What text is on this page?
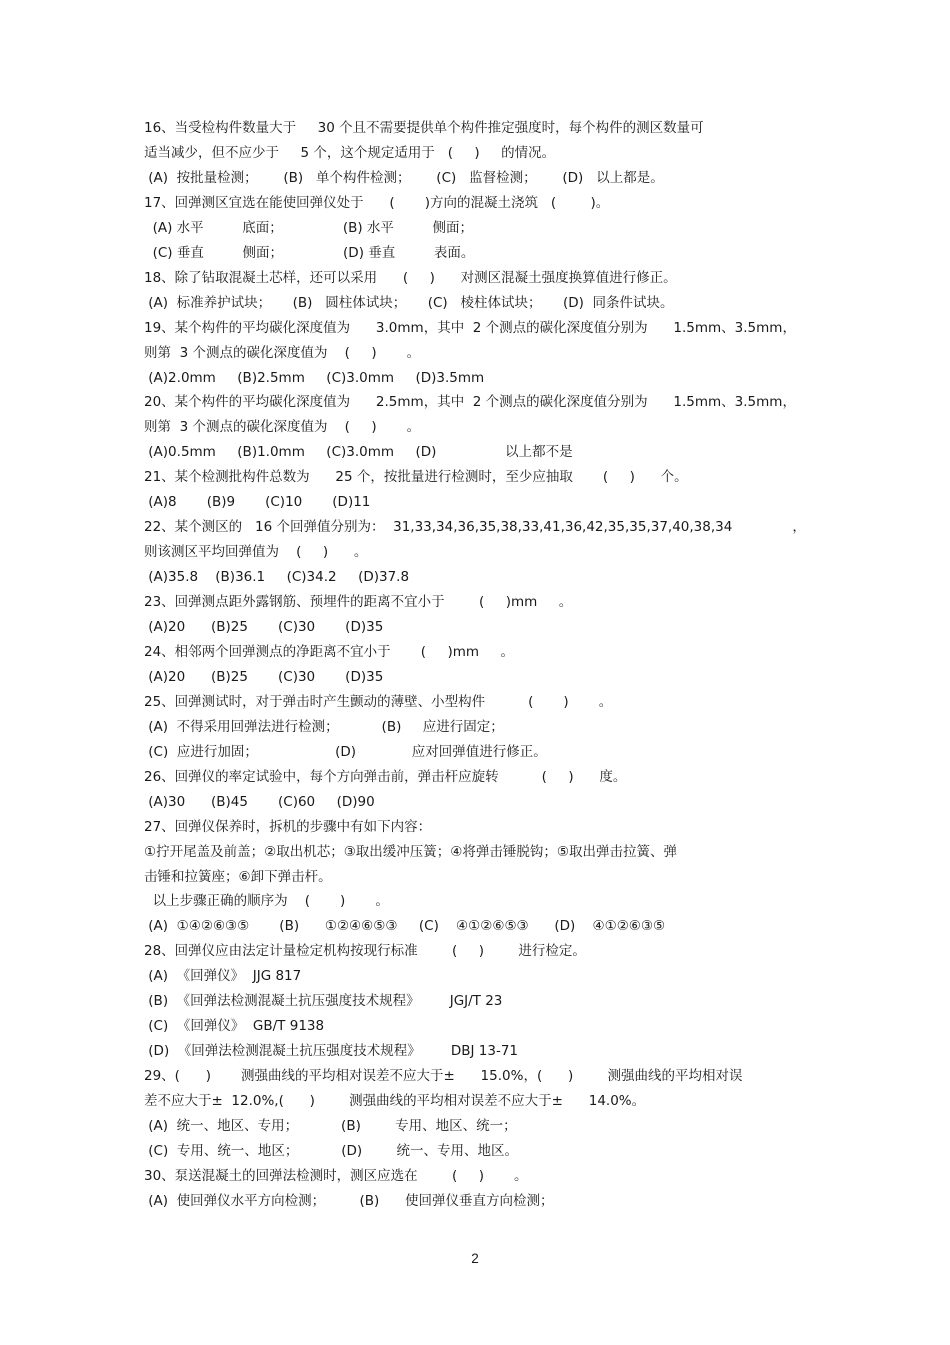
16、当受检构件数量大于     30 个且不需要提供单个构件推定强度时，每个构件的测区数量可
适当减少，但不应少于     5 个，这个规定适用于   (     )     的情况。
(A)  按批量检测；      (B)   单个构件检测；      (C)   监督检测；      (D)   以上都是。
17、回弹测区宜选在能使回弹仪处于      (       )方向的混凝土浇筑   (        )。
(A) 水平         底面；              (B) 水平         侧面；
(C) 垂直         侧面；              (D) 垂直         表面。
18、除了钻取混凝土芯样，还可以采用      (     )      对测区混凝土强度换算值进行修正。
(A)  标准养护试块；     (B)   圆柱体试块；     (C)   棱柱体试块；     (D)  同条件试块。
19、某个构件的平均碳化深度值为      3.0mm，其中  2 个测点的碳化深度值分别为      1.5mm、3.5mm，
则第  3 个测点的碳化深度值为    (     )       。
(A)2.0mm     (B)2.5mm     (C)3.0mm     (D)3.5mm
20、某个构件的平均碳化深度值为      2.5mm，其中  2 个测点的碳化深度值分别为      1.5mm、3.5mm，
则第  3 个测点的碳化深度值为    (     )       。
(A)0.5mm     (B)1.0mm     (C)3.0mm     (D)                以上都不是
21、某个检测批构件总数为      25 个，按批量进行检测时，至少应抽取       (     )      个。
(A)8       (B)9       (C)10       (D)11
22、某个测区的   16 个回弹值分别为：  31,33,34,36,35,38,33,41,36,42,35,35,37,40,38,34              ，
则该测区平均回弹值为    (     )      。
(A)35.8    (B)36.1     (C)34.2     (D)37.8
23、回弹测点距外露钢筋、预埋件的距离不宜小于        (     )mm     。
(A)20      (B)25       (C)30       (D)35
24、相邻两个回弹测点的净距离不宜小于       (     )mm     。
(A)20      (B)25       (C)30       (D)35
25、回弹测试时，对于弹击时产生颤动的薄壁、小型构件          (       )       。
(A)  不得采用回弹法进行检测；          (B)     应进行固定；
(C)  应进行加固；                  (D)             应对回弹值进行修正。
26、回弹仪的率定试验中，每个方向弹击前，弹击杆应旋转          (     )      度。
(A)30      (B)45       (C)60     (D)90
27、回弹仪保养时，拆机的步骤中有如下内容：
①拧开尾盖及前盖；②取出机芯；③取出缓冲压簧；④将弹击锤脱钩；⑤取出弹击拉簧、弹
击锤和拉簧座；⑥卸下弹击杆。
以上步骤正确的顺序为    (       )       。
(A)  ①④②⑥③⑤       (B)      ①②④⑥⑤③     (C)    ④①②⑥⑤③      (D)    ④①②⑥③⑤
28、回弹仪应由法定计量检定机构按现行标准        (     )        进行检定。
(A)  《回弹仪》  JJG 817
(B)  《回弹法检测混凝土抗压强度技术规程》       JGJ/T 23
(C)  《回弹仪》  GB/T 9138
(D)  《回弹法检测混凝土抗压强度技术规程》       DBJ 13-71
29、(      )       测强曲线的平均相对误差不应大于±      15.0%，(      )        测强曲线的平均相对误
差不应大于±  12.0%,(      )        测强曲线的平均相对误差不应大于±      14.0%。
(A)  统一、地区、专用；          (B)        专用、地区、统一；
(C)  专用、统一、地区；          (D)        统一、专用、地区。
30、泵送混凝土的回弹法检测时，测区应选在        (     )       。
(A)  使回弹仪水平方向检测；        (B)      使回弹仪垂直方向检测；
2
